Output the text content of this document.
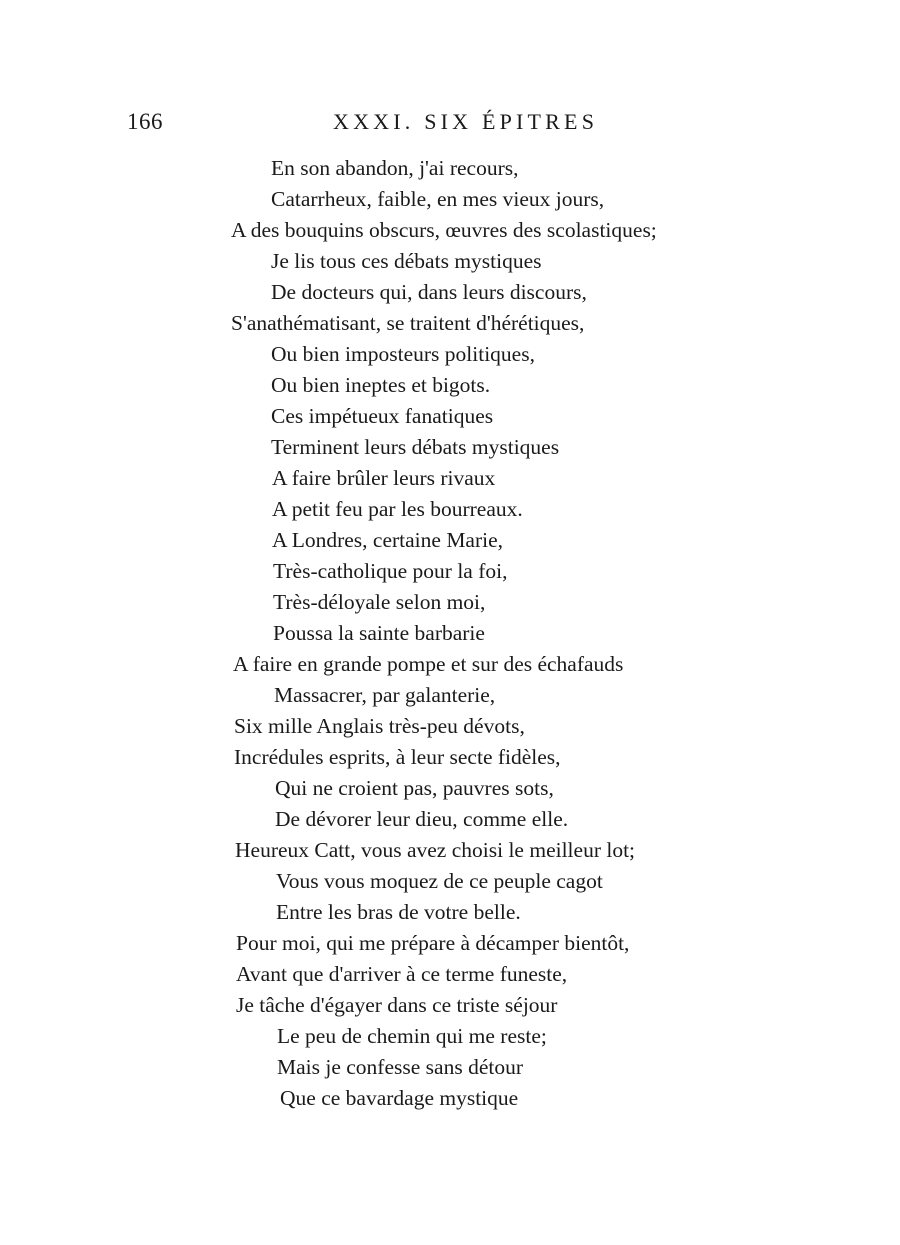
166	XXXI. SIX ÉPITRES
En son abandon, j'ai recours,
Catarrheux, faible, en mes vieux jours,
A des bouquins obscurs, œuvres des scolastiques;
Je lis tous ces débats mystiques
De docteurs qui, dans leurs discours,
S'anathématisant, se traitent d'hérétiques,
Ou bien imposteurs politiques,
Ou bien ineptes et bigots.
Ces impétueux fanatiques
Terminent leurs débats mystiques
A faire brûler leurs rivaux
A petit feu par les bourreaux.
A Londres, certaine Marie,
Très-catholique pour la foi,
Très-déloyale selon moi,
Poussa la sainte barbarie
A faire en grande pompe et sur des échafauds
Massacrer, par galanterie,
Six mille Anglais très-peu dévots,
Incrédules esprits, à leur secte fidèles,
Qui ne croient pas, pauvres sots,
De dévorer leur dieu, comme elle.
Heureux Catt, vous avez choisi le meilleur lot;
Vous vous moquez de ce peuple cagot
Entre les bras de votre belle.
Pour moi, qui me prépare à décamper bientôt,
Avant que d'arriver à ce terme funeste,
Je tâche d'égayer dans ce triste séjour
Le peu de chemin qui me reste;
Mais je confesse sans détour
Que ce bavardage mystique
